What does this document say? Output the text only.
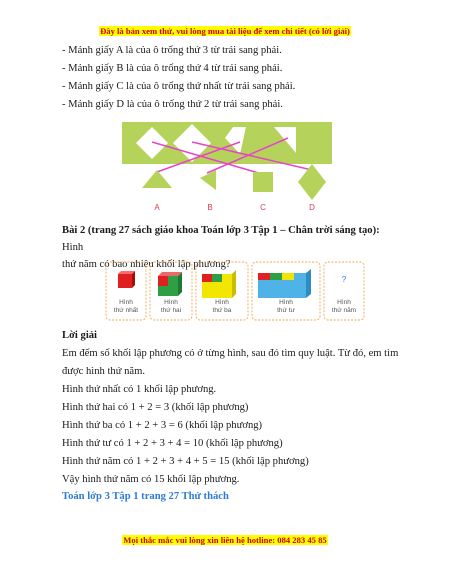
Đây là bản xem thử, vui lòng mua tài liệu để xem chi tiết (có lời giải)
- Mảnh giấy A là của ô trống thứ 3 từ trái sang phải.
- Mảnh giấy B là của ô trống thứ 4 từ trái sang phải.
- Mảnh giấy C là của ô trống thứ nhất từ trái sang phải.
- Mảnh giấy D là của ô trống thứ 2 từ trái sang phải.
A	B	C	D
Bài 2 (trang 27 sách giáo khoa Toán lớp 3 Tập 1 – Chân trời sáng tạo): Hình
thứ năm có bao nhiêu khối lập phương?
?
Hình
thứ nhất
Hình
thứ hai
Hình
thứ ba
Hình
thứ tư
Hình
thứ năm
Lời giải
Em đếm số khối lập phương có ở từng hình, sau đó tìm quy luật. Từ đó, em tìm
được hình thứ năm.
Hình thứ nhất có 1 khối lập phương.
Hình thứ hai có 1 + 2 = 3 (khối lập phương)
Hình thứ ba có 1 + 2 + 3 = 6 (khối lập phương)
Hình thứ tư có 1 + 2 + 3 + 4 = 10 (khối lập phương)
Hình thứ năm có 1 + 2 + 3 + 4 + 5 = 15 (khối lập phương)
Vậy hình thứ năm có 15 khối lập phương.
Toán lớp 3 Tập 1 trang 27 Thử thách
Mọi thắc mắc vui lòng xin liên hệ hotline: 084 283 45 85
